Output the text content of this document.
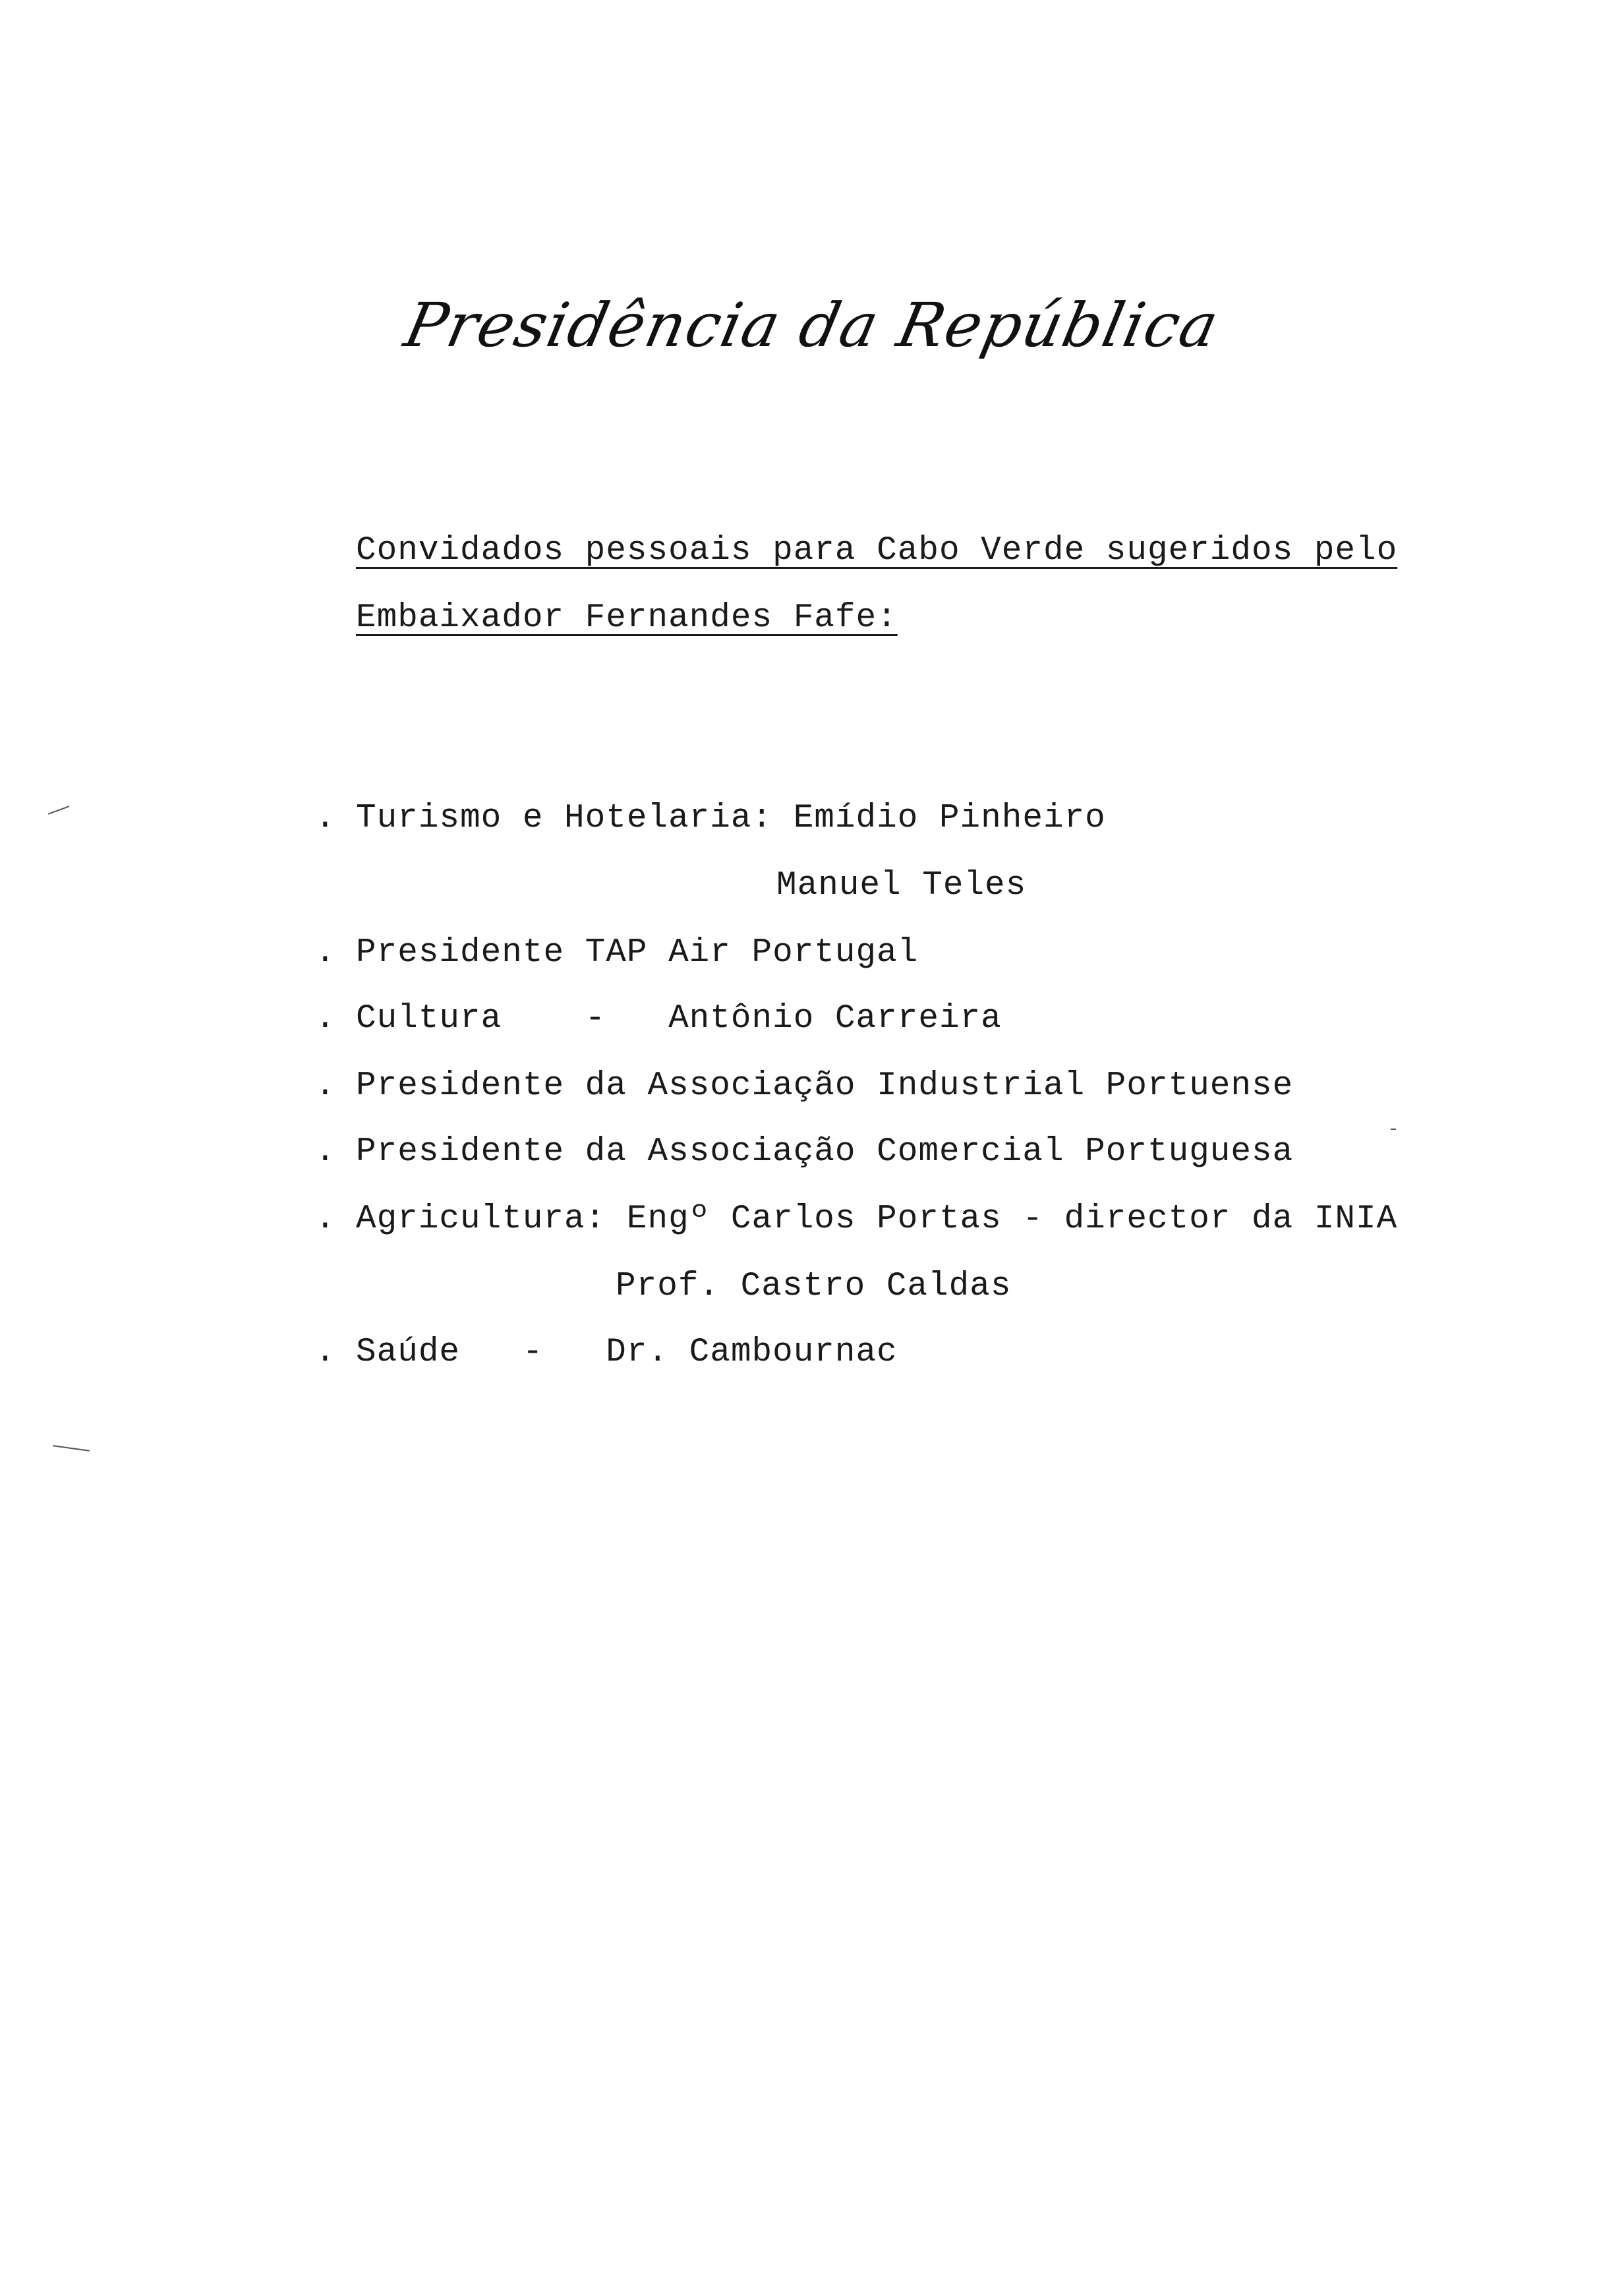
Presidência da República
Convidados pessoais para Cabo Verde sugeridos pelo
Embaixador Fernandes Fafe:
. Turismo e Hotelaria: Emídio Pinheiro
Manuel Teles
. Presidente TAP Air Portugal
. Cultura    -   Antônio Carreira
. Presidente da Associação Industrial Portuense
. Presidente da Associação Comercial Portuguesa
. Agricultura: Engº Carlos Portas - director da INIA
Prof. Castro Caldas
. Saúde   -   Dr. Cambournac
